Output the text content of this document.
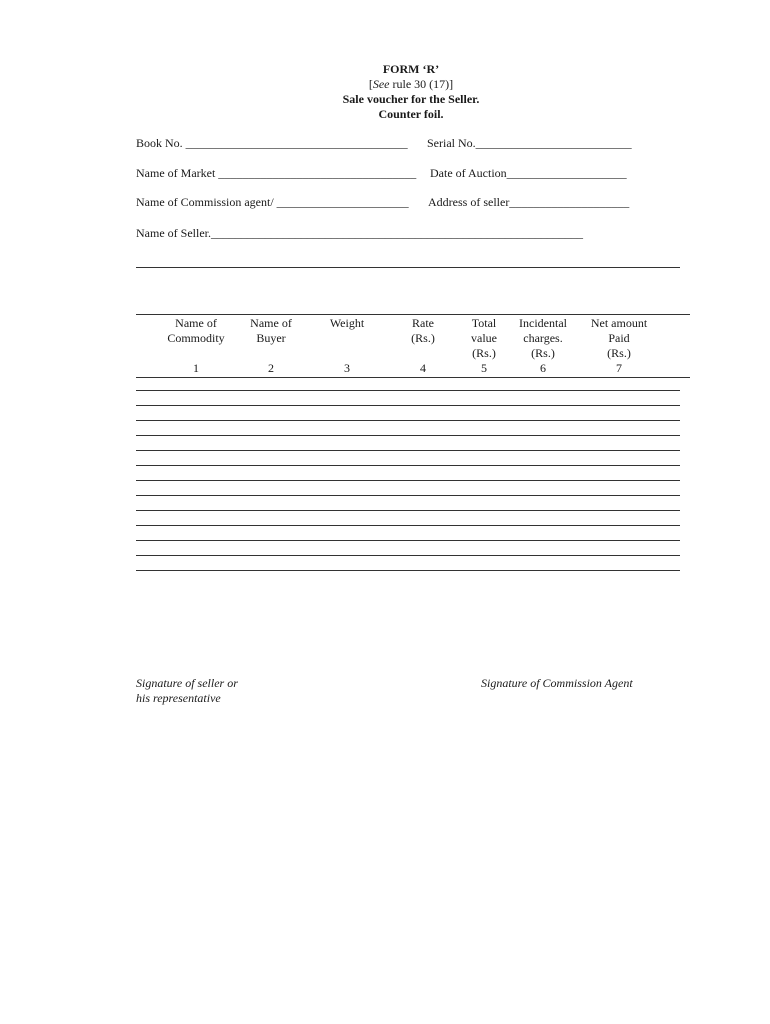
FORM ‘R’
[See rule 30 (17)]
Sale voucher for the Seller.
Counter foil.
Book No. _____________________________________ Serial No.__________________________
Name of Market _________________________________ Date of Auction____________________
Name of Commission agent/ ______________________ Address of seller____________________
Name of Seller.______________________________________________________________
Name of
Commodity
1
Name of
Buyer
2
Weight
3
Rate
(Rs.)
4
Total
value
(Rs.)
5
Incidental
charges.
(Rs.)
6
Net amount
Paid
(Rs.)
7
Signature of seller or
his representative
Signature of Commission Agent
